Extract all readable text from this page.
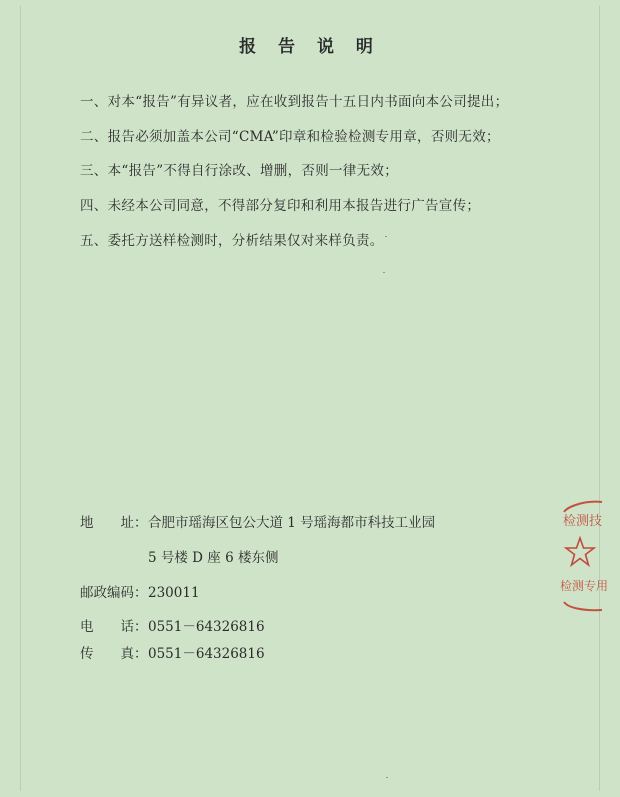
报 告 说 明
一、对本“报告”有异议者，应在收到报告十五日内书面向本公司提出；
二、报告必须加盖本公司“CMA”印章和检验检测专用章，否则无效；
三、本“报告”不得自行涂改、增删，否则一律无效；
四、未经本公司同意，不得部分复印和利用本报告进行广告宣传；
五、委托方送样检测时，分析结果仅对来样负责。
地　　址：合肥市瑶海区包公大道 1 号瑶海都市科技工业园
5 号楼 D 座 6 楼东侧
邮政编码：230011
电　　话：0551－64326816
传　　真：0551－64326816
检测技
检测专用
